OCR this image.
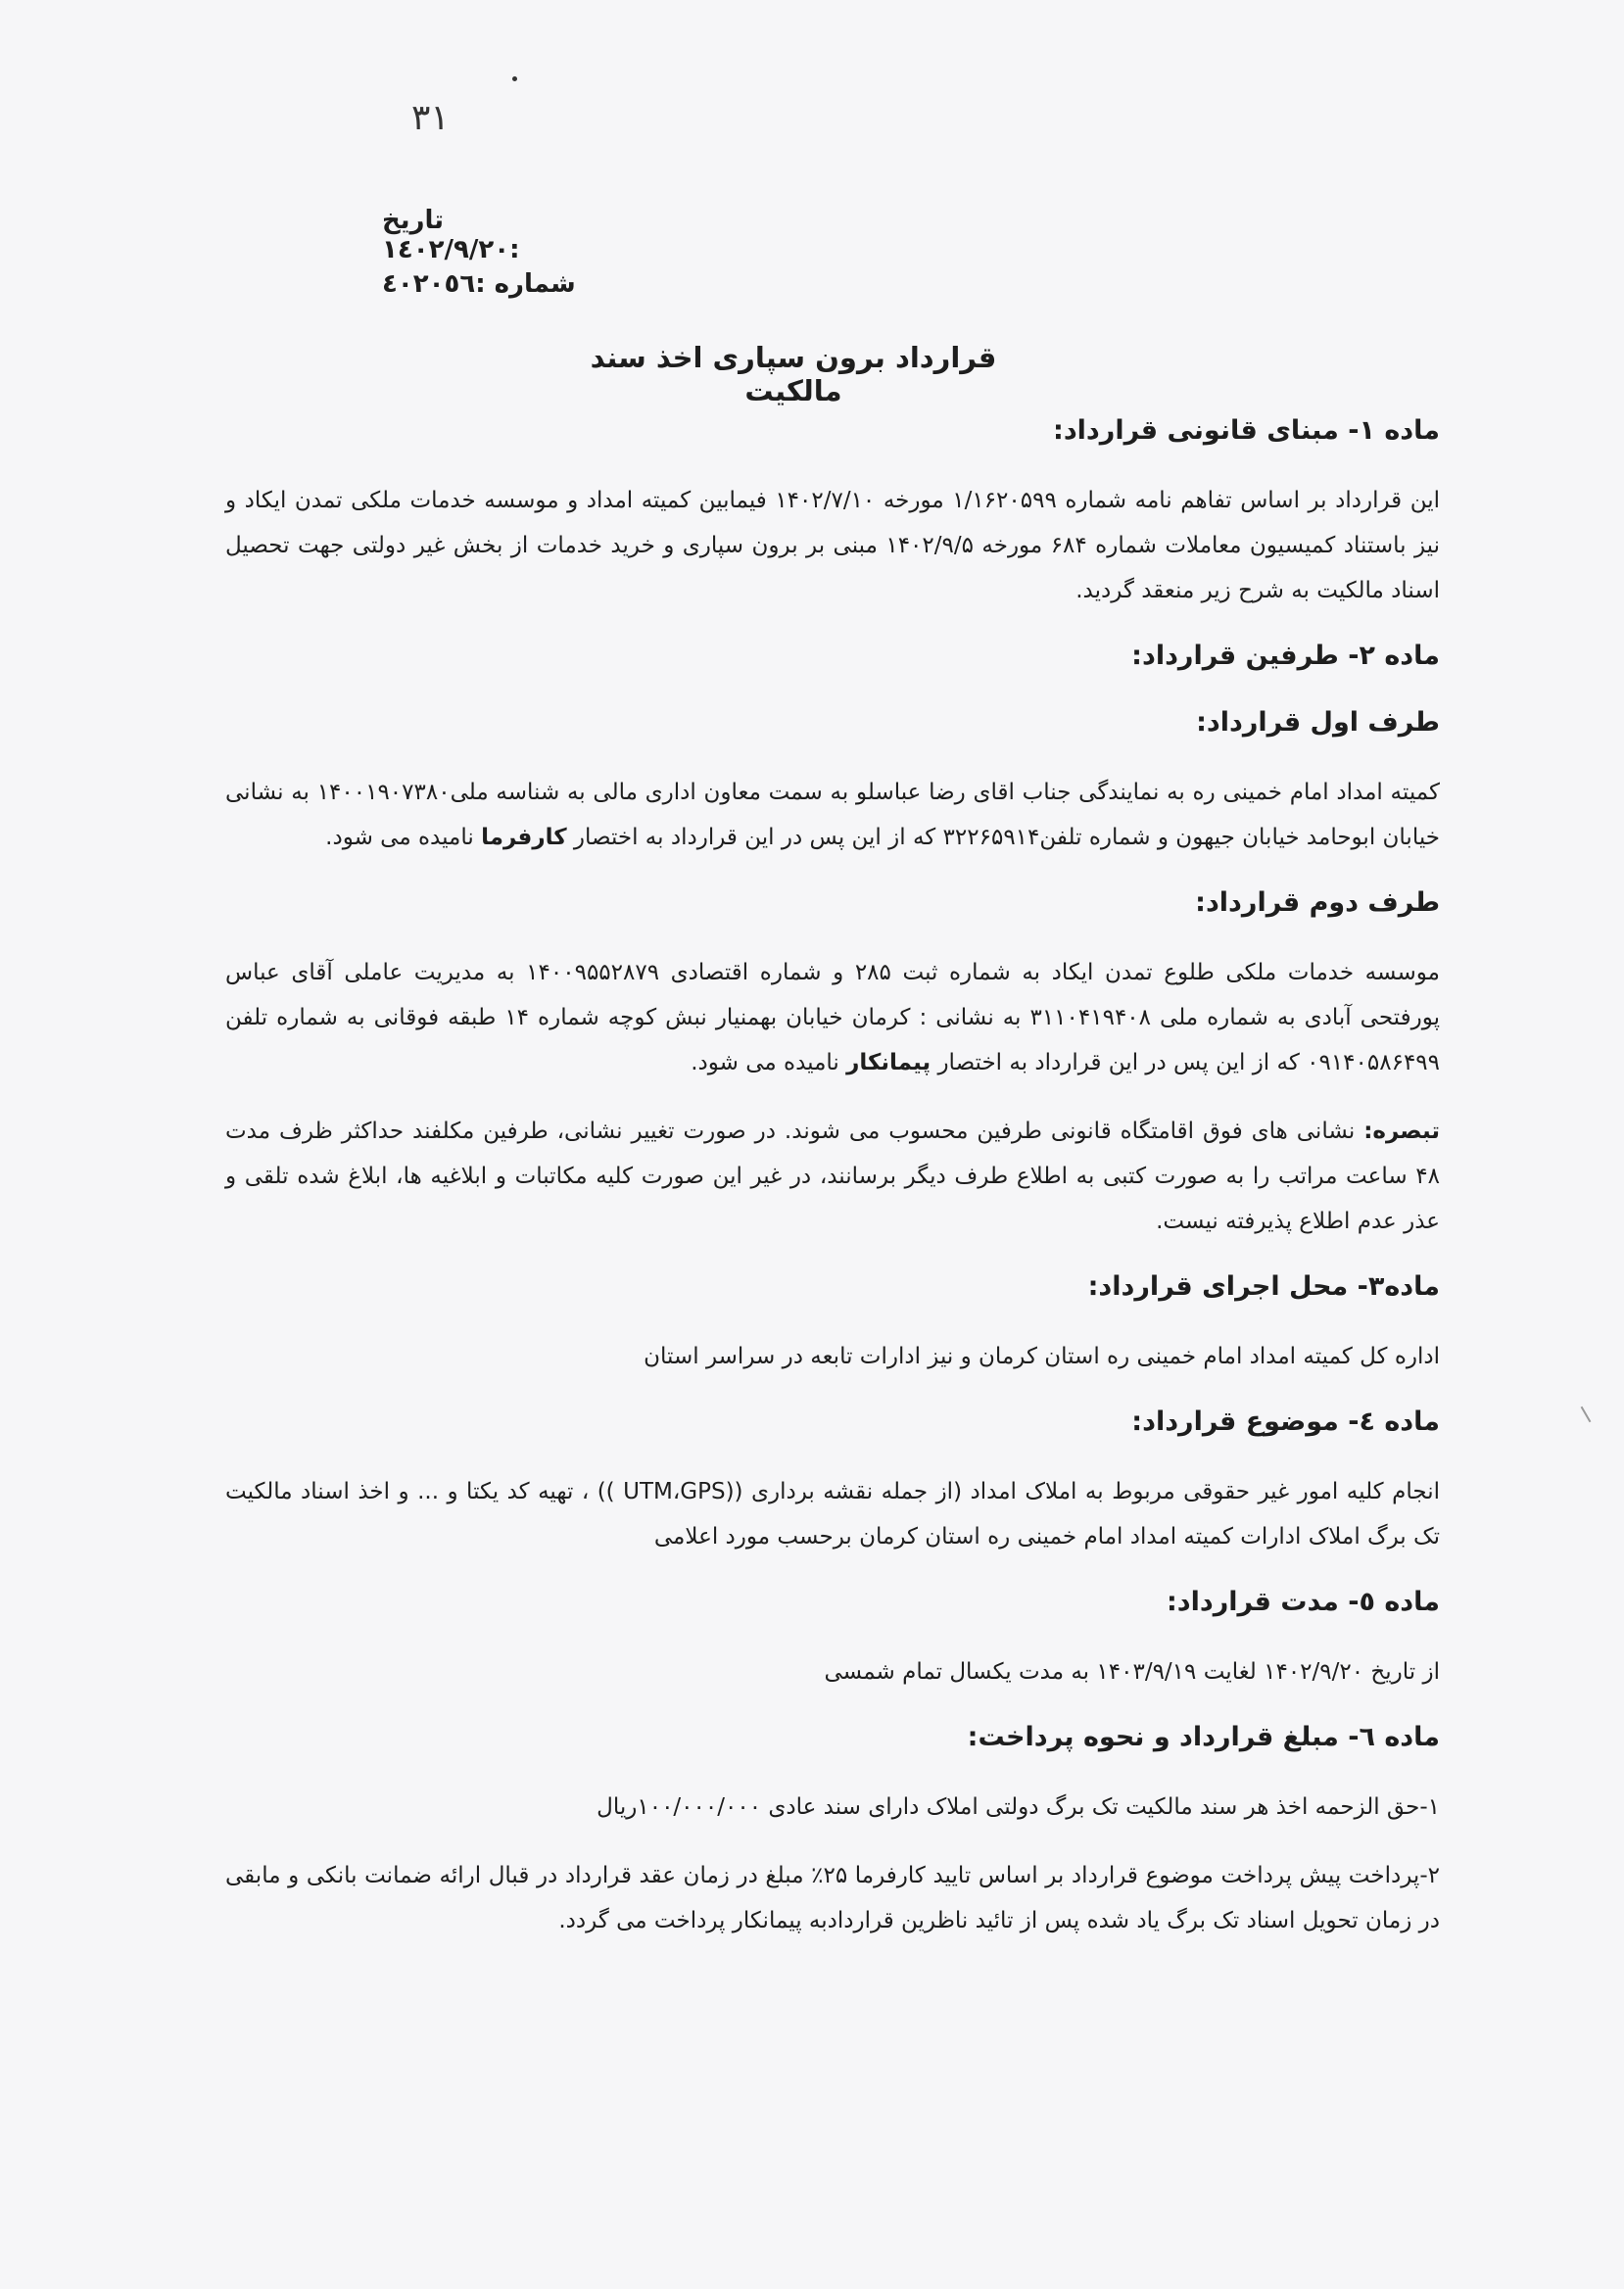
۳۱
تاریخ :۱٤۰۲/۹/۲۰
شماره :٤۰۲۰٥٦
قرارداد برون سپاری اخذ سند مالکیت
ماده ۱- مبنای قانونی قرارداد:
این قرارداد بر اساس تفاهم نامه شماره ۱/۱۶۲۰۵۹۹ مورخه ۱۴۰۲/۷/۱۰ فیمابین کمیته امداد و موسسه خدمات ملکی تمدن ایکاد و نیز باستناد کمیسیون معاملات شماره ۶۸۴ مورخه ۱۴۰۲/۹/۵ مبنی بر برون سپاری و خرید خدمات از بخش غیر دولتی جهت تحصیل اسناد مالکیت به شرح زیر منعقد گردید.
ماده ۲- طرفین قرارداد:
طرف اول قرارداد:
کمیته امداد امام خمینی ره به نمایندگی جناب اقای رضا عباسلو به سمت معاون اداری مالی به شناسه ملی۱۴۰۰۱۹۰۷۳۸۰ به نشانی خیابان ابوحامد خیابان جیهون و شماره تلفن۳۲۲۶۵۹۱۴ که از این پس در این قرارداد به اختصار کارفرما نامیده می شود.
طرف دوم قرارداد:
موسسه خدمات ملکی طلوع تمدن ایکاد به شماره ثبت ۲۸۵ و شماره اقتصادی ۱۴۰۰۹۵۵۲۸۷۹ به مدیریت عاملی آقای عباس پورفتحی آبادی به شماره ملی ۳۱۱۰۴۱۹۴۰۸ به نشانی : کرمان خیابان بهمنیار نبش کوچه شماره ۱۴ طبقه فوقانی به شماره تلفن ۰۹۱۴۰۵۸۶۴۹۹ که از این پس در این قرارداد به اختصار پیمانکار نامیده می شود.
تبصره: نشانی های فوق اقامتگاه قانونی طرفین محسوب می شوند. در صورت تغییر نشانی، طرفین مکلفند حداکثر ظرف مدت ۴۸ ساعت مراتب را به صورت کتبی به اطلاع طرف دیگر برسانند، در غیر این صورت کلیه مکاتبات و ابلاغیه ها، ابلاغ شده تلقی و عذر عدم اطلاع پذیرفته نیست.
ماده۳- محل اجرای قرارداد:
اداره کل کمیته امداد امام خمینی ره استان کرمان و نیز ادارات تابعه در سراسر استان
ماده ٤- موضوع قرارداد:
انجام کلیه امور غیر حقوقی مربوط به املاک امداد (از جمله نقشه برداری ((UTM،GPS )) ، تهیه کد یکتا و ... و اخذ اسناد مالکیت تک برگ املاک ادارات کمیته امداد امام خمینی ره استان کرمان برحسب مورد اعلامی
ماده ٥- مدت قرارداد:
از تاریخ ۱۴۰۲/۹/۲۰ لغایت ۱۴۰۳/۹/۱۹ به مدت یکسال تمام شمسی
ماده ٦- مبلغ قرارداد و نحوه پرداخت:
۱-حق الزحمه اخذ هر سند مالکیت تک برگ دولتی املاک دارای سند عادی ۱۰۰/۰۰۰/۰۰۰ریال
۲-پرداخت پیش پرداخت موضوع قرارداد بر اساس تایید کارفرما ۲۵٪ مبلغ در زمان عقد قرارداد در قبال ارائه ضمانت بانکی و مابقی در زمان تحویل اسناد تک برگ یاد شده پس از تائید ناظرین قراردادبه پیمانکار پرداخت می گردد.
